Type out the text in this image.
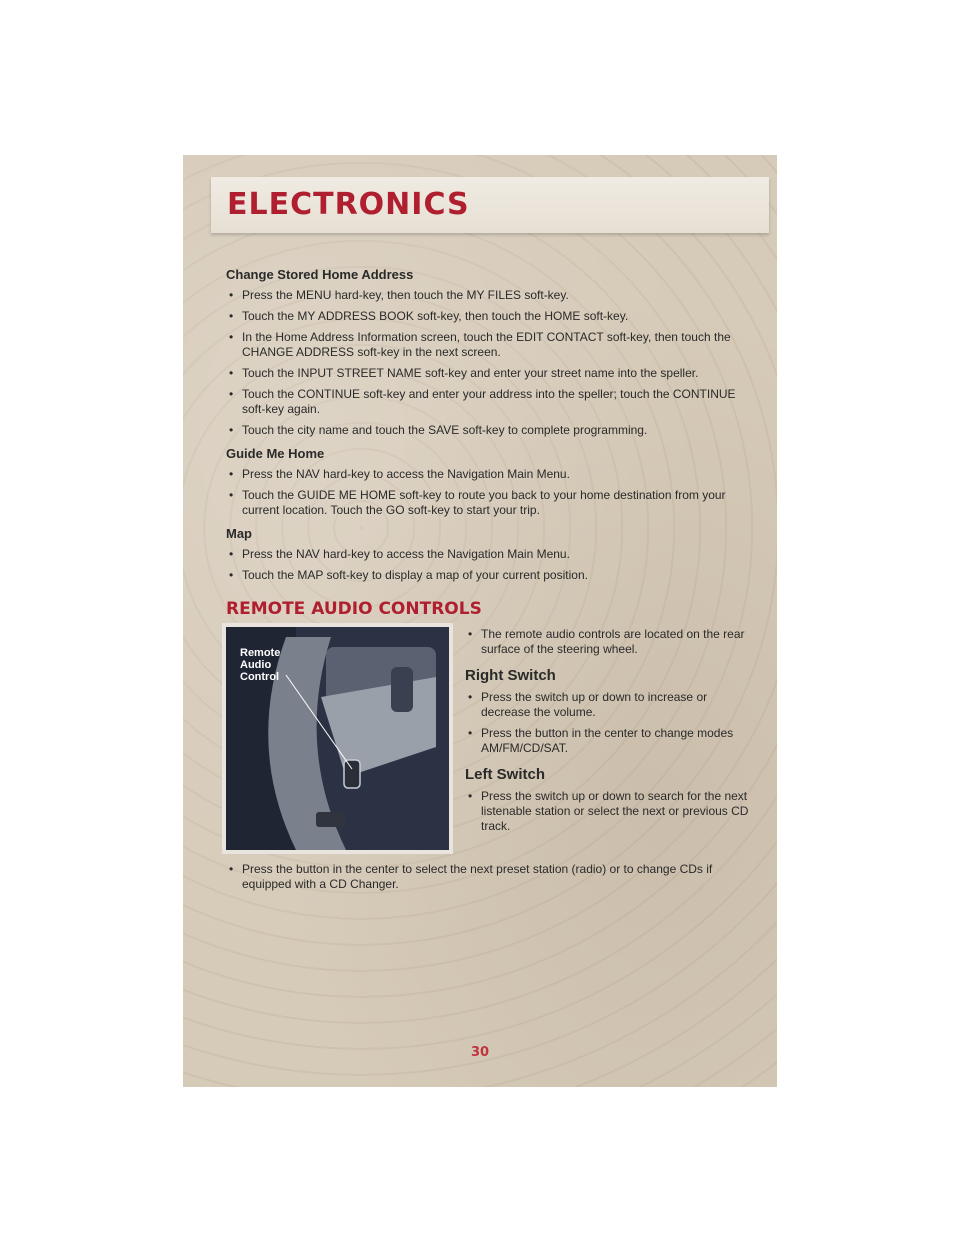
ELECTRONICS
Change Stored Home Address
• Press the MENU hard-key, then touch the MY FILES soft-key.
• Touch the MY ADDRESS BOOK soft-key, then touch the HOME soft-key.
• In the Home Address Information screen, touch the EDIT CONTACT soft-key, then touch the CHANGE ADDRESS soft-key in the next screen.
• Touch the INPUT STREET NAME soft-key and enter your street name into the speller.
• Touch the CONTINUE soft-key and enter your address into the speller; touch the CONTINUE soft-key again.
• Touch the city name and touch the SAVE soft-key to complete programming.
Guide Me Home
• Press the NAV hard-key to access the Navigation Main Menu.
• Touch the GUIDE ME HOME soft-key to route you back to your home destination from your current location. Touch the GO soft-key to start your trip.
Map
• Press the NAV hard-key to access the Navigation Main Menu.
• Touch the MAP soft-key to display a map of your current position.
REMOTE AUDIO CONTROLS
Remote
Audio
Control
• The remote audio controls are located on the rear surface of the steering wheel.
Right Switch
• Press the switch up or down to increase or decrease the volume.
• Press the button in the center to change modes AM/FM/CD/SAT.
Left Switch
• Press the switch up or down to search for the next listenable station or select the next or previous CD track.
• Press the button in the center to select the next preset station (radio) or to change CDs if equipped with a CD Changer.
30
